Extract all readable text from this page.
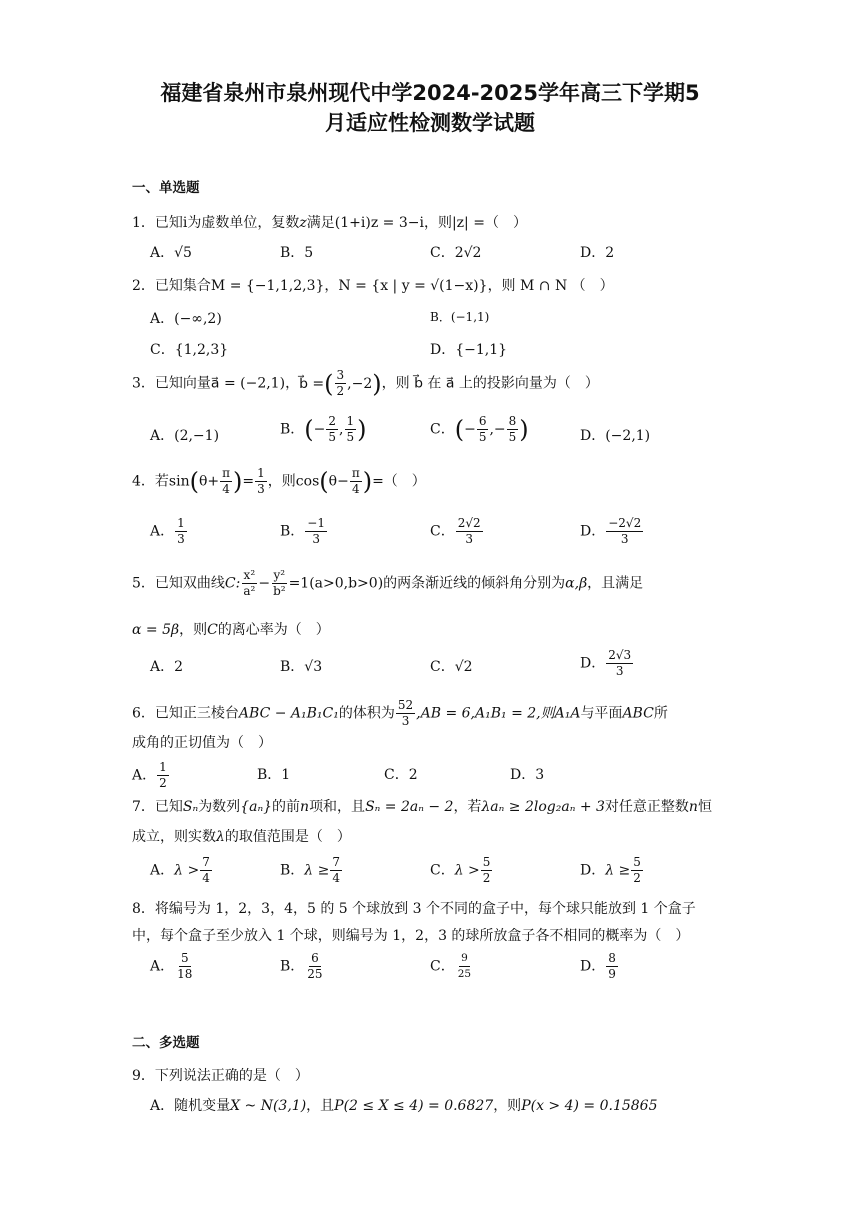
福建省泉州市泉州现代中学2024-2025学年高三下学期5
月适应性检测数学试题
一、单选题
1．已知i为虚数单位，复数z满足(1+i)z = 3−i，则|z| =（　）
A．√5	B．5	C．2√2	D．2
2．已知集合M = {−1,1,2,3}，N = {x | y = √(1−x)}，则 M ∩ N （　）
A．(−∞,2)	B．(−1,1)
C．{1,2,3}	D．{−1,1}
3．已知向量a⃗ = (−2,1)，b⃗ =( $\frac{3}{2} ,-2$)，则 b⃗ 在 a⃗ 上的投影向量为（　）
A．(2,−1)	B．(− $\frac{2}{5}$ , $\frac{1}{5}$ )	C．(− $\frac{6}{5}$ ,− $\frac{8}{5}$ )	D．(−2,1)
4．若$\sin(\theta+ \frac{\pi}{4}$ )= $\frac{1}{3}$ ，则$\cos(\theta- \frac{\pi}{4}$ )=（　）
A． $\frac{1}{3}$	B． $\frac{-1}{3}$	C． $\frac{2√2}{3}$	D． $\frac{-2√2}{3}$
5．已知双曲线C: $\frac{\text{x²}}{\text{a²}} - \frac{\text{y²}}{\text{b²}} =1(a>0,b>0)$的两条渐近线的倾斜角分别为α,β，且满足
α = 5β，则C的离心率为（　）
A．2	B．√3	C．√2	D． $\frac{2√3}{3}$
6．已知正三棱台ABC − A₁B₁C₁的体积为 $\frac{52}{3} ,AB = 6,A_1B_1 = 2$,则A₁A与平面ABC所
成角的正切值为（　）
A． $\frac{1}{2}$	B．1	C．2	D．3
7．已知Sₙ为数列{aₙ}的前n项和，且Sₙ = 2aₙ − 2，若λaₙ ≥ 2log₂aₙ + 3对任意正整数n恒
成立，则实数λ的取值范围是（　）
A．$\lambda > \frac{7}{4}$	B．$\lambda \ge \frac{7}{4}$	C．$\lambda > \frac{5}{2}$	D．$\lambda \ge \frac{5}{2}$
8．将编号为 1，2，3，4，5 的 5 个球放到 3 个不同的盒子中，每个球只能放到 1 个盒子
中，每个盒子至少放入 1 个球，则编号为 1，2，3 的球所放盒子各不相同的概率为（　）
A． $\frac{5}{18}$	B． $\frac{6}{25}$	C． $\frac{9}{25}$	D． $\frac{8}{9}$
二、多选题
9．下列说法正确的是（　）
A．随机变量X ~ N(3,1)，且P(2 ≤ X ≤ 4) = 0.6827，则P(x > 4) = 0.15865
